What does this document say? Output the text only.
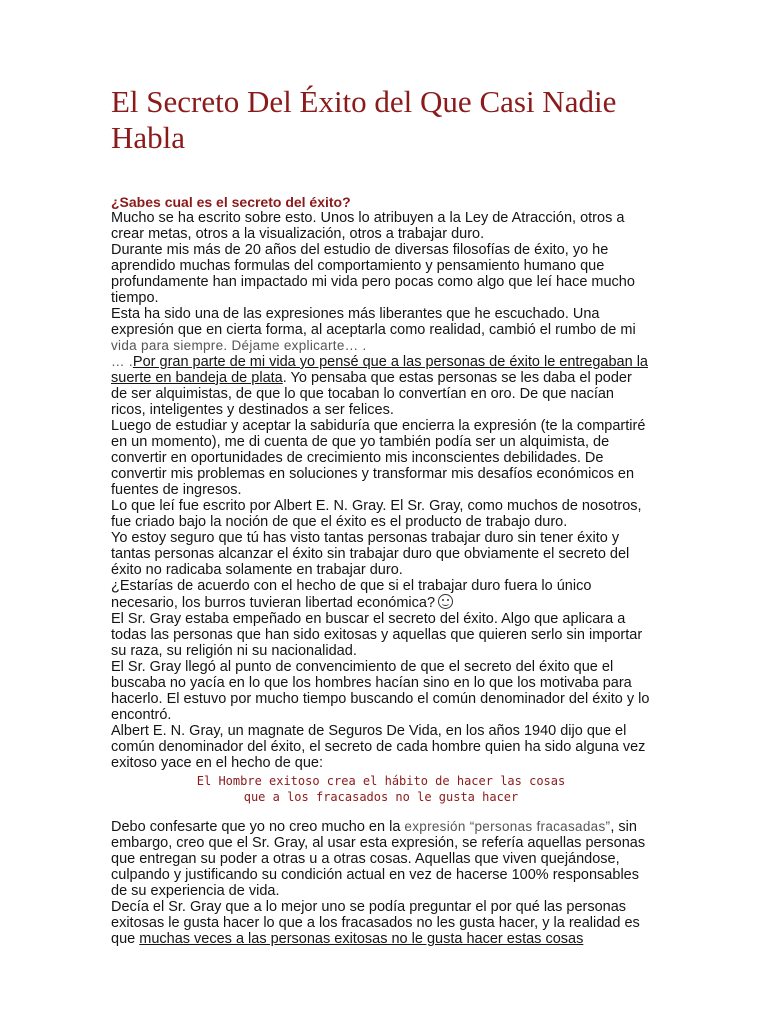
El Secreto Del Éxito del Que Casi Nadie Habla
¿Sabes cual es el secreto del éxito?

Mucho se ha escrito sobre esto. Unos lo atribuyen a la Ley de Atracción, otros a crear metas, otros a la visualización, otros a trabajar duro.

Durante mis más de 20 años del estudio de diversas filosofías de éxito, yo he aprendido muchas formulas del comportamiento y pensamiento humano que profundamente han impactado mi vida pero pocas como algo que leí hace mucho tiempo.

Esta ha sido una de las expresiones más liberantes que he escuchado. Una expresión que en cierta forma, al aceptarla como realidad, cambió el rumbo de mi vida para siempre. Déjame explicarte… .

… .Por gran parte de mi vida yo pensé que a las personas de éxito le entregaban la suerte en bandeja de plata. Yo pensaba que estas personas se les daba el poder de ser alquimistas, de que lo que tocaban lo convertían en oro. De que nacían ricos, inteligentes y destinados a ser felices.

Luego de estudiar y aceptar la sabiduría que encierra la expresión (te la compartiré en un momento), me di cuenta de que yo también podía ser un alquimista, de convertir en oportunidades de crecimiento mis inconscientes debilidades. De convertir mis problemas en soluciones y transformar mis desafíos económicos en fuentes de ingresos.

Lo que leí fue escrito por Albert E. N. Gray. El Sr. Gray, como muchos de nosotros, fue criado bajo la noción de que el éxito es el producto de trabajo duro.

Yo estoy seguro que tú has visto tantas personas trabajar duro sin tener éxito y tantas personas alcanzar el éxito sin trabajar duro que obviamente el secreto del éxito no radicaba solamente en trabajar duro.

¿Estarías de acuerdo con el hecho de que si el trabajar duro fuera lo único necesario, los burros tuvieran libertad económica?

El Sr. Gray estaba empeñado en buscar el secreto del éxito. Algo que aplicara a todas las personas que han sido exitosas y aquellas que quieren serlo sin importar su raza, su religión ni su nacionalidad.

El Sr. Gray llegó al punto de convencimiento de que el secreto del éxito que el buscaba no yacía en lo que los hombres hacían sino en lo que los motivaba para hacerlo. El estuvo por mucho tiempo buscando el común denominador del éxito y lo encontró.

Albert E. N. Gray, un magnate de Seguros De Vida, en los años 1940 dijo que el común denominador del éxito, el secreto de cada hombre quien ha sido alguna vez exitoso yace en el hecho de que:

El Hombre exitoso crea el hábito de hacer las cosas
que a los fracasados no le gusta hacer

Debo confesarte que yo no creo mucho en la expresión “personas fracasadas”, sin embargo, creo que el Sr. Gray, al usar esta expresión, se refería aquellas personas que entregan su poder a otras u a otras cosas. Aquellas que viven quejándose, culpando y justificando su condición actual en vez de hacerse 100% responsables de su experiencia de vida.

Decía el Sr. Gray que a lo mejor uno se podía preguntar el por qué las personas exitosas le gusta hacer lo que a los fracasados no les gusta hacer, y la realidad es que muchas veces a las personas exitosas no le gusta hacer estas cosas
